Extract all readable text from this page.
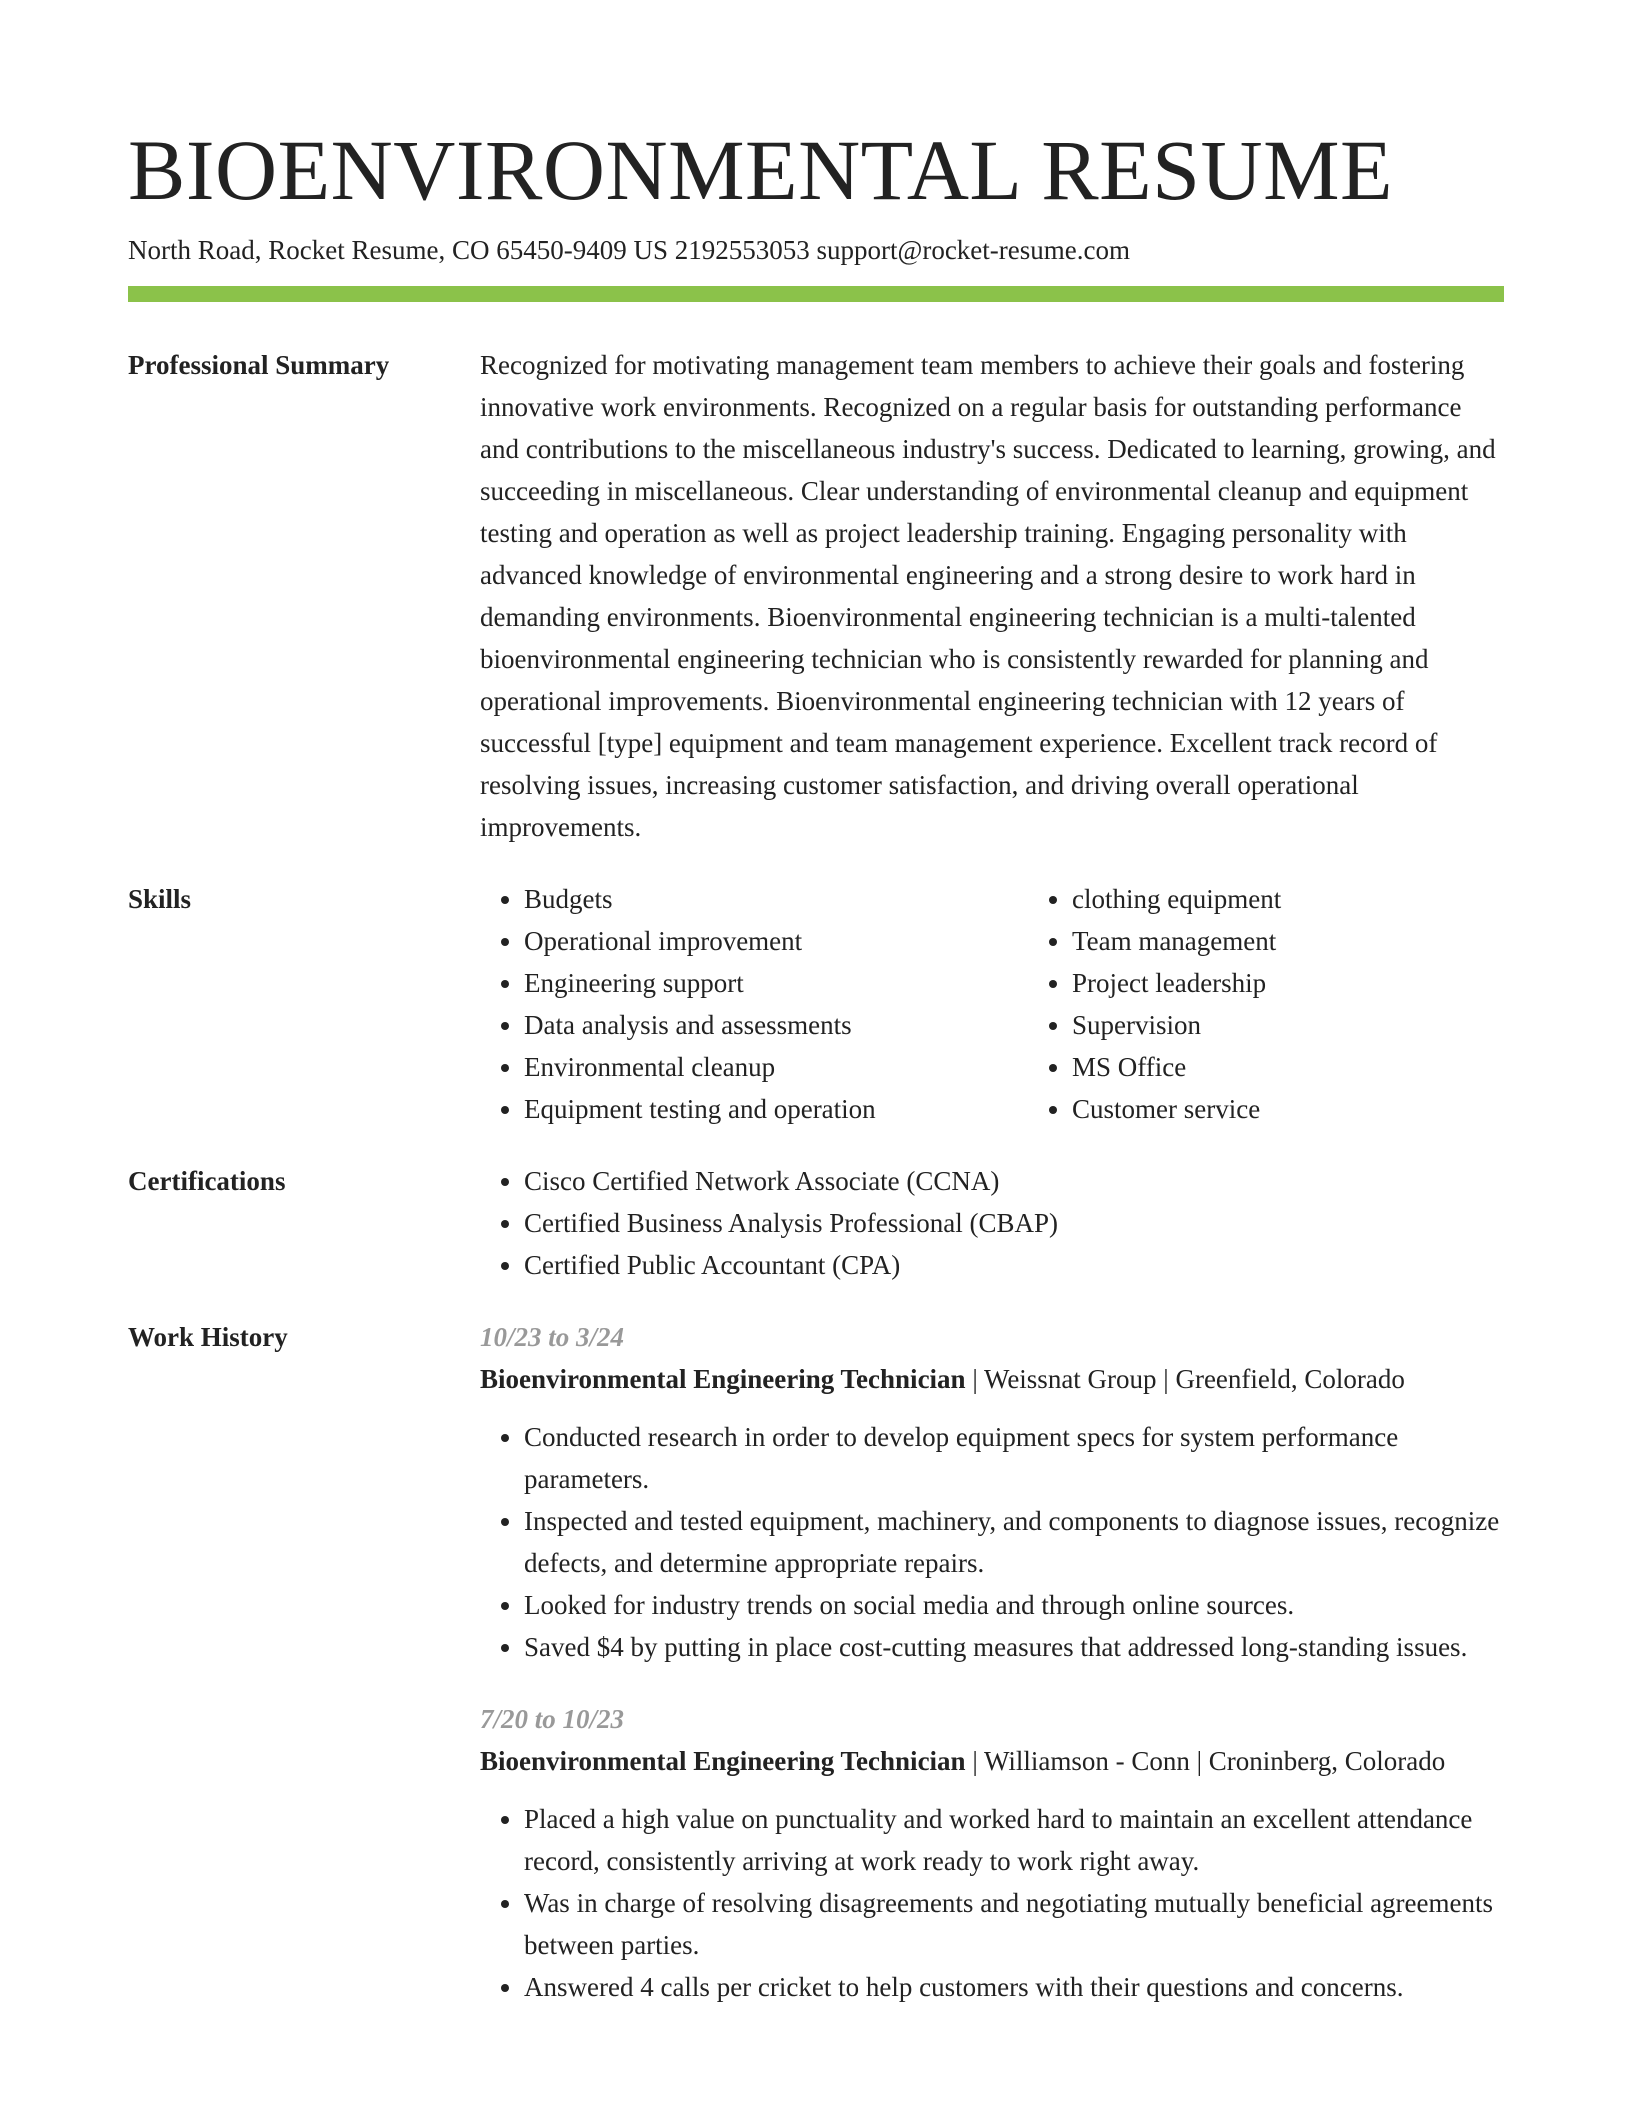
BIOENVIRONMENTAL RESUME
North Road, Rocket Resume, CO 65450-9409 US 2192553053 support@rocket-resume.com
Professional Summary	Recognized for motivating management team members to achieve their goals and fostering innovative work environments. Recognized on a regular basis for outstanding performance and contributions to the miscellaneous industry's success. Dedicated to learning, growing, and succeeding in miscellaneous. Clear understanding of environmental cleanup and equipment testing and operation as well as project leadership training. Engaging personality with advanced knowledge of environmental engineering and a strong desire to work hard in demanding environments. Bioenvironmental engineering technician is a multi-talented bioenvironmental engineering technician who is consistently rewarded for planning and operational improvements. Bioenvironmental engineering technician with 12 years of successful [type] equipment and team management experience. Excellent track record of resolving issues, increasing customer satisfaction, and driving overall operational improvements.

Skills	• Budgets
• Operational improvement
• Engineering support
• Data analysis and assessments
• Environmental cleanup
• Equipment testing and operation
• clothing equipment
• Team management
• Project leadership
• Supervision
• MS Office
• Customer service
Certifications	• Cisco Certified Network Associate (CCNA)
• Certified Business Analysis Professional (CBAP)
• Certified Public Accountant (CPA)
Work History	10/23 to 3/24
Bioenvironmental Engineering Technician | Weissnat Group | Greenfield, Colorado
• Conducted research in order to develop equipment specs for system performance parameters.
• Inspected and tested equipment, machinery, and components to diagnose issues, recognize defects, and determine appropriate repairs.
• Looked for industry trends on social media and through online sources.
• Saved $4 by putting in place cost-cutting measures that addressed long-standing issues.
7/20 to 10/23
Bioenvironmental Engineering Technician | Williamson - Conn | Croninberg, Colorado
• Placed a high value on punctuality and worked hard to maintain an excellent attendance record, consistently arriving at work ready to work right away.
• Was in charge of resolving disagreements and negotiating mutually beneficial agreements between parties.
• Answered 4 calls per cricket to help customers with their questions and concerns.
